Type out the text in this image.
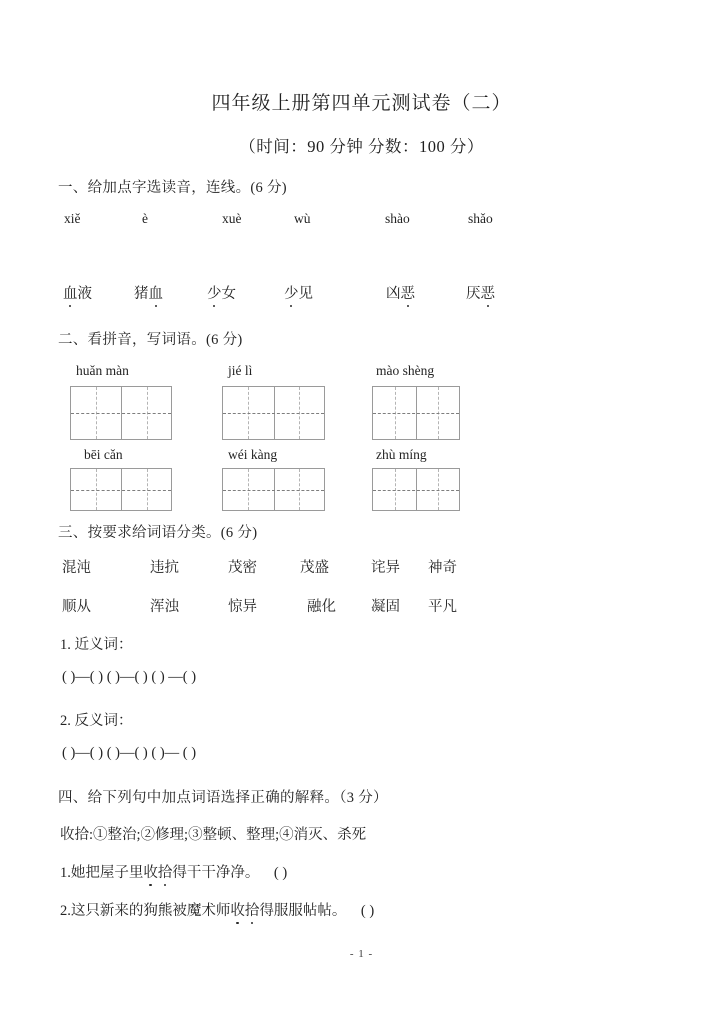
四年级上册第四单元测试卷（二）
（时间：90 分钟 分数：100 分）
一、给加点字选读音，连线。(6 分)
xiě	è	xuè	wù	shào	shǎo
血液	猪血	少女	少见	凶恶	厌恶
二、看拼音，写词语。(6 分)
huǎn màn	jié lì	mào shèng
bēi cǎn	wéi kàng	zhù míng
三、按要求给词语分类。(6 分)
混沌	违抗	茂密	茂盛	诧异 神奇
顺从	浑浊	惊异	融化 凝固 平凡
1. 近义词：
( )—( ) ( )—( ) ( ) —( )
2. 反义词：
( )—( ) ( )—( ) ( )— ( )
四、给下列句中加点词语选择正确的解释。（3 分）
收拾:①整治;②修理;③整顿、整理;④消灭、杀死
1.她把屋子里收拾得干干净净。    ( )
2.这只新来的狗熊被魔术师收拾得服服帖帖。    ( )
- 1 -
